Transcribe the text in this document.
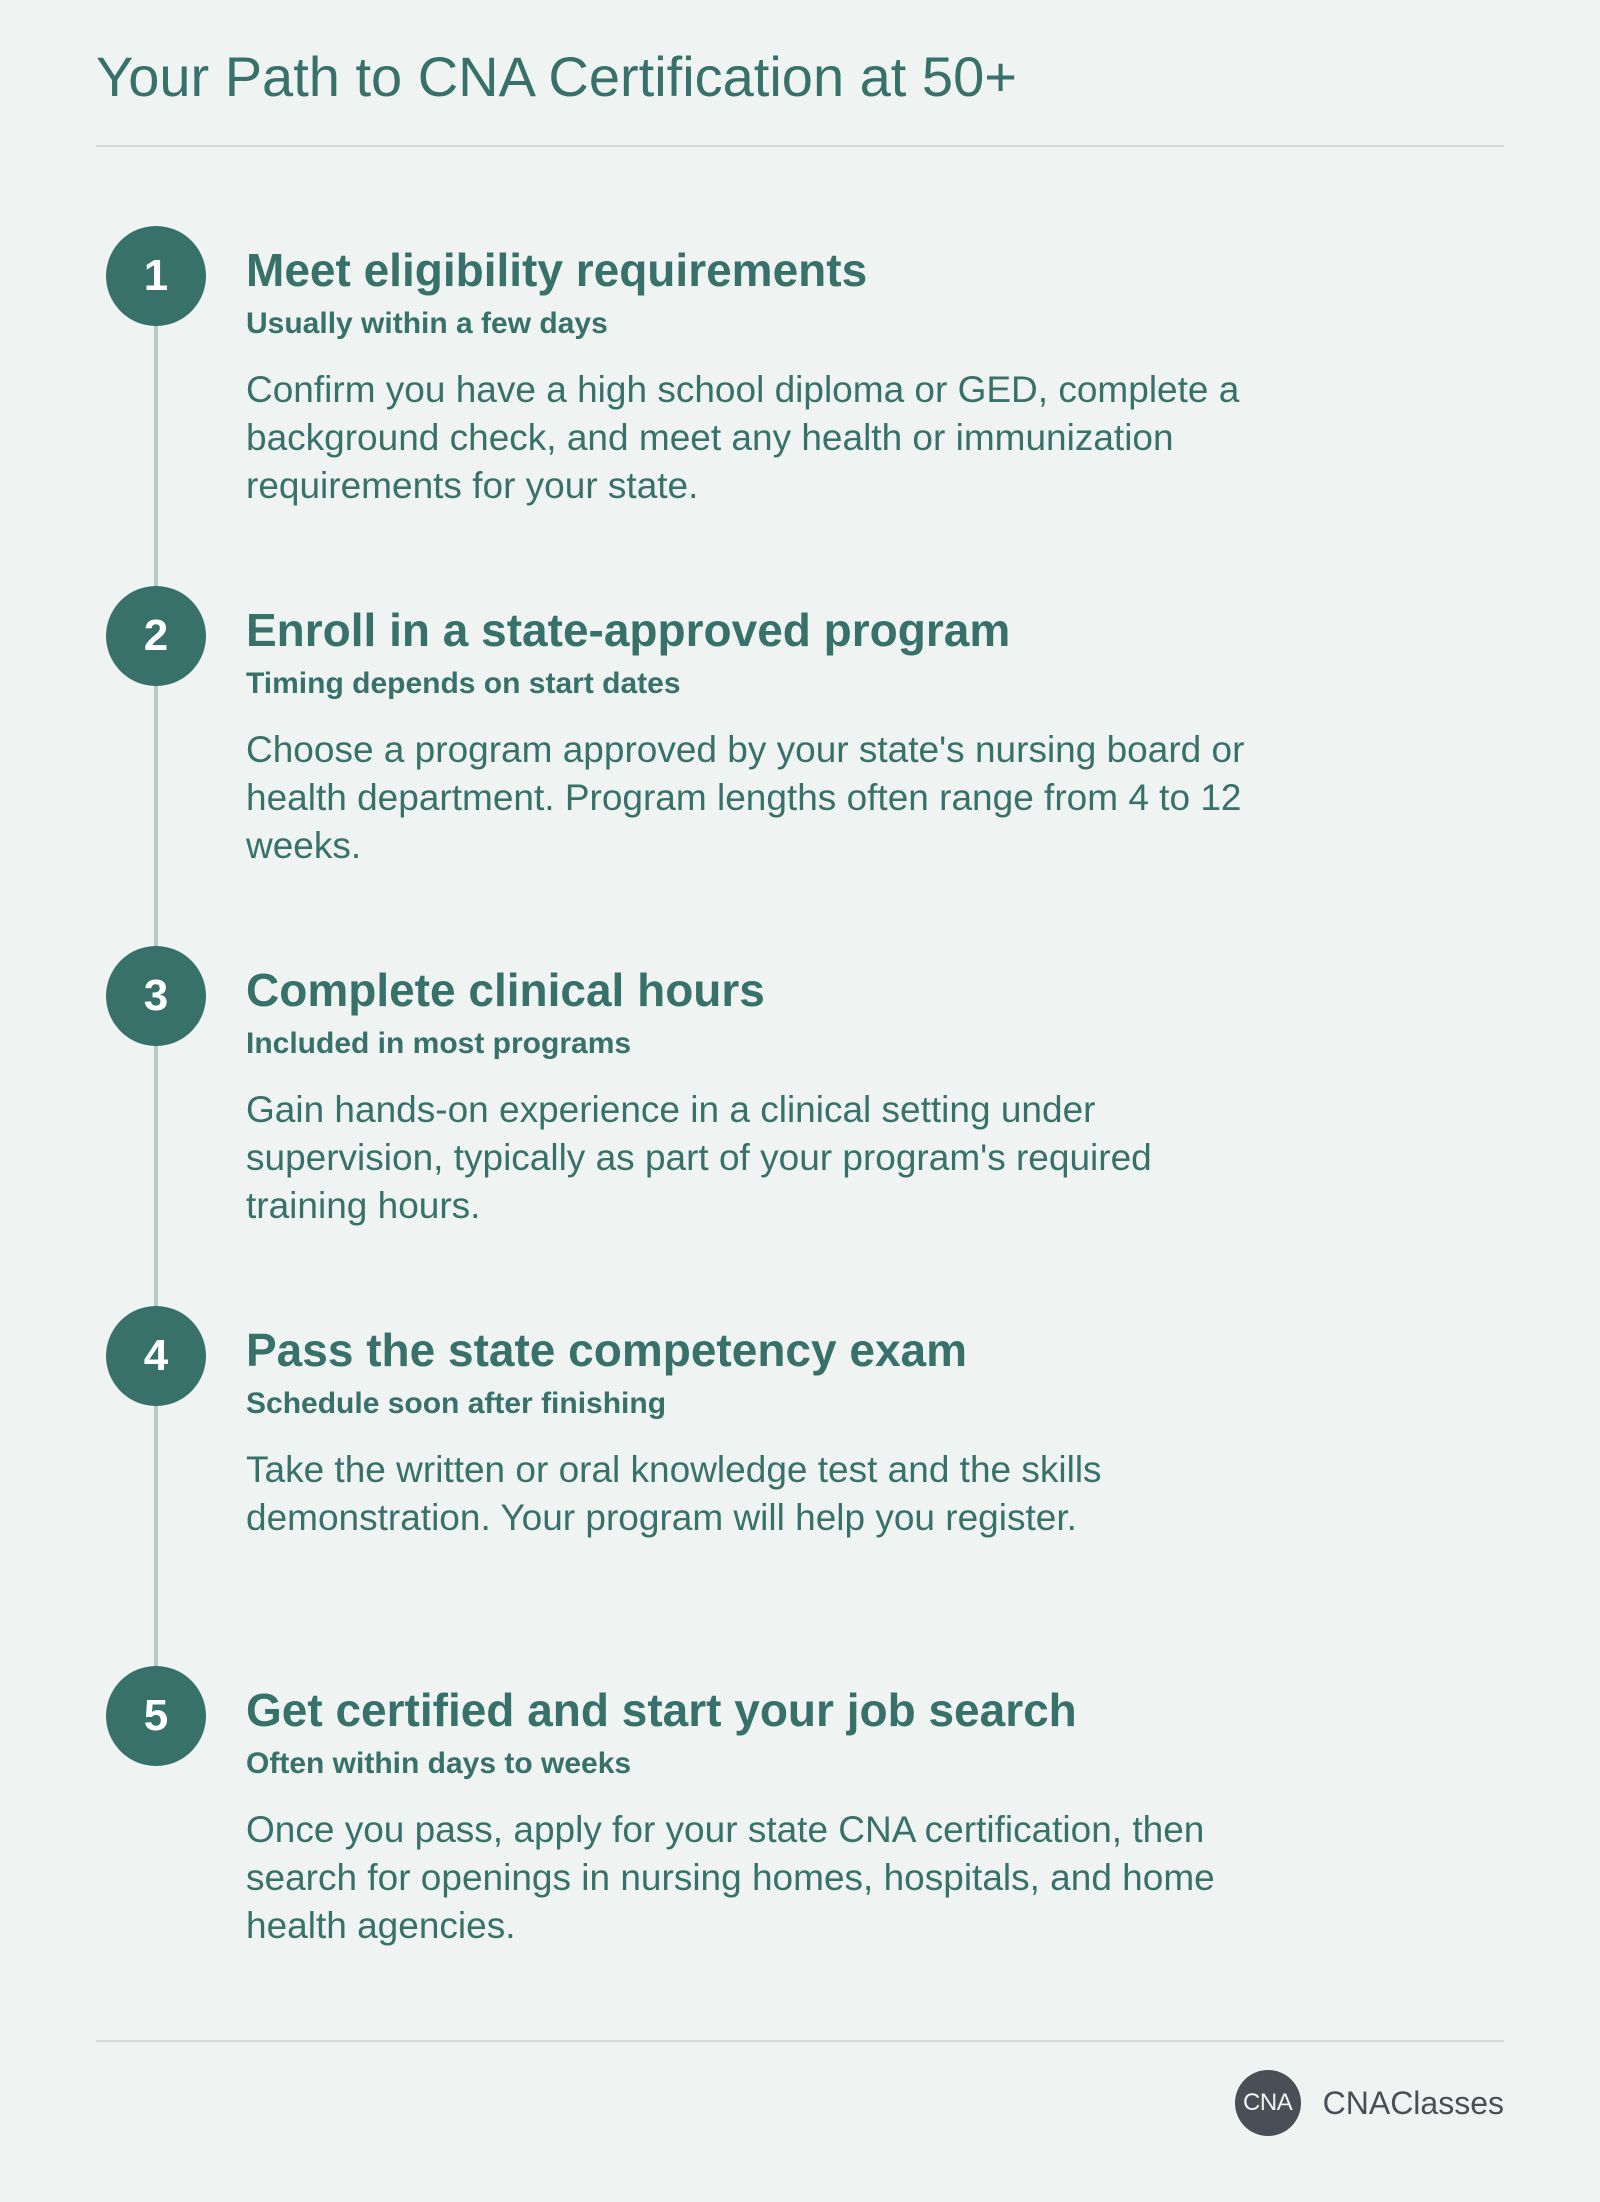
Your Path to CNA Certification at 50+
1	Meet eligibility requirements

Usually within a few days

Confirm you have a high school diploma or GED, complete a background check, and meet any health or immunization requirements for your state.

2	Enroll in a state-approved program

Timing depends on start dates

Choose a program approved by your state's nursing board or health department. Program lengths often range from 4 to 12 weeks.

3	Complete clinical hours

Included in most programs

Gain hands-on experience in a clinical setting under supervision, typically as part of your program's required training hours.

4	Pass the state competency exam

Schedule soon after finishing

Take the written or oral knowledge test and the skills demonstration. Your program will help you register.

5	Get certified and start your job search

Often within days to weeks

Once you pass, apply for your state CNA certification, then search for openings in nursing homes, hospitals, and home health agencies.

CNA CNAClasses
